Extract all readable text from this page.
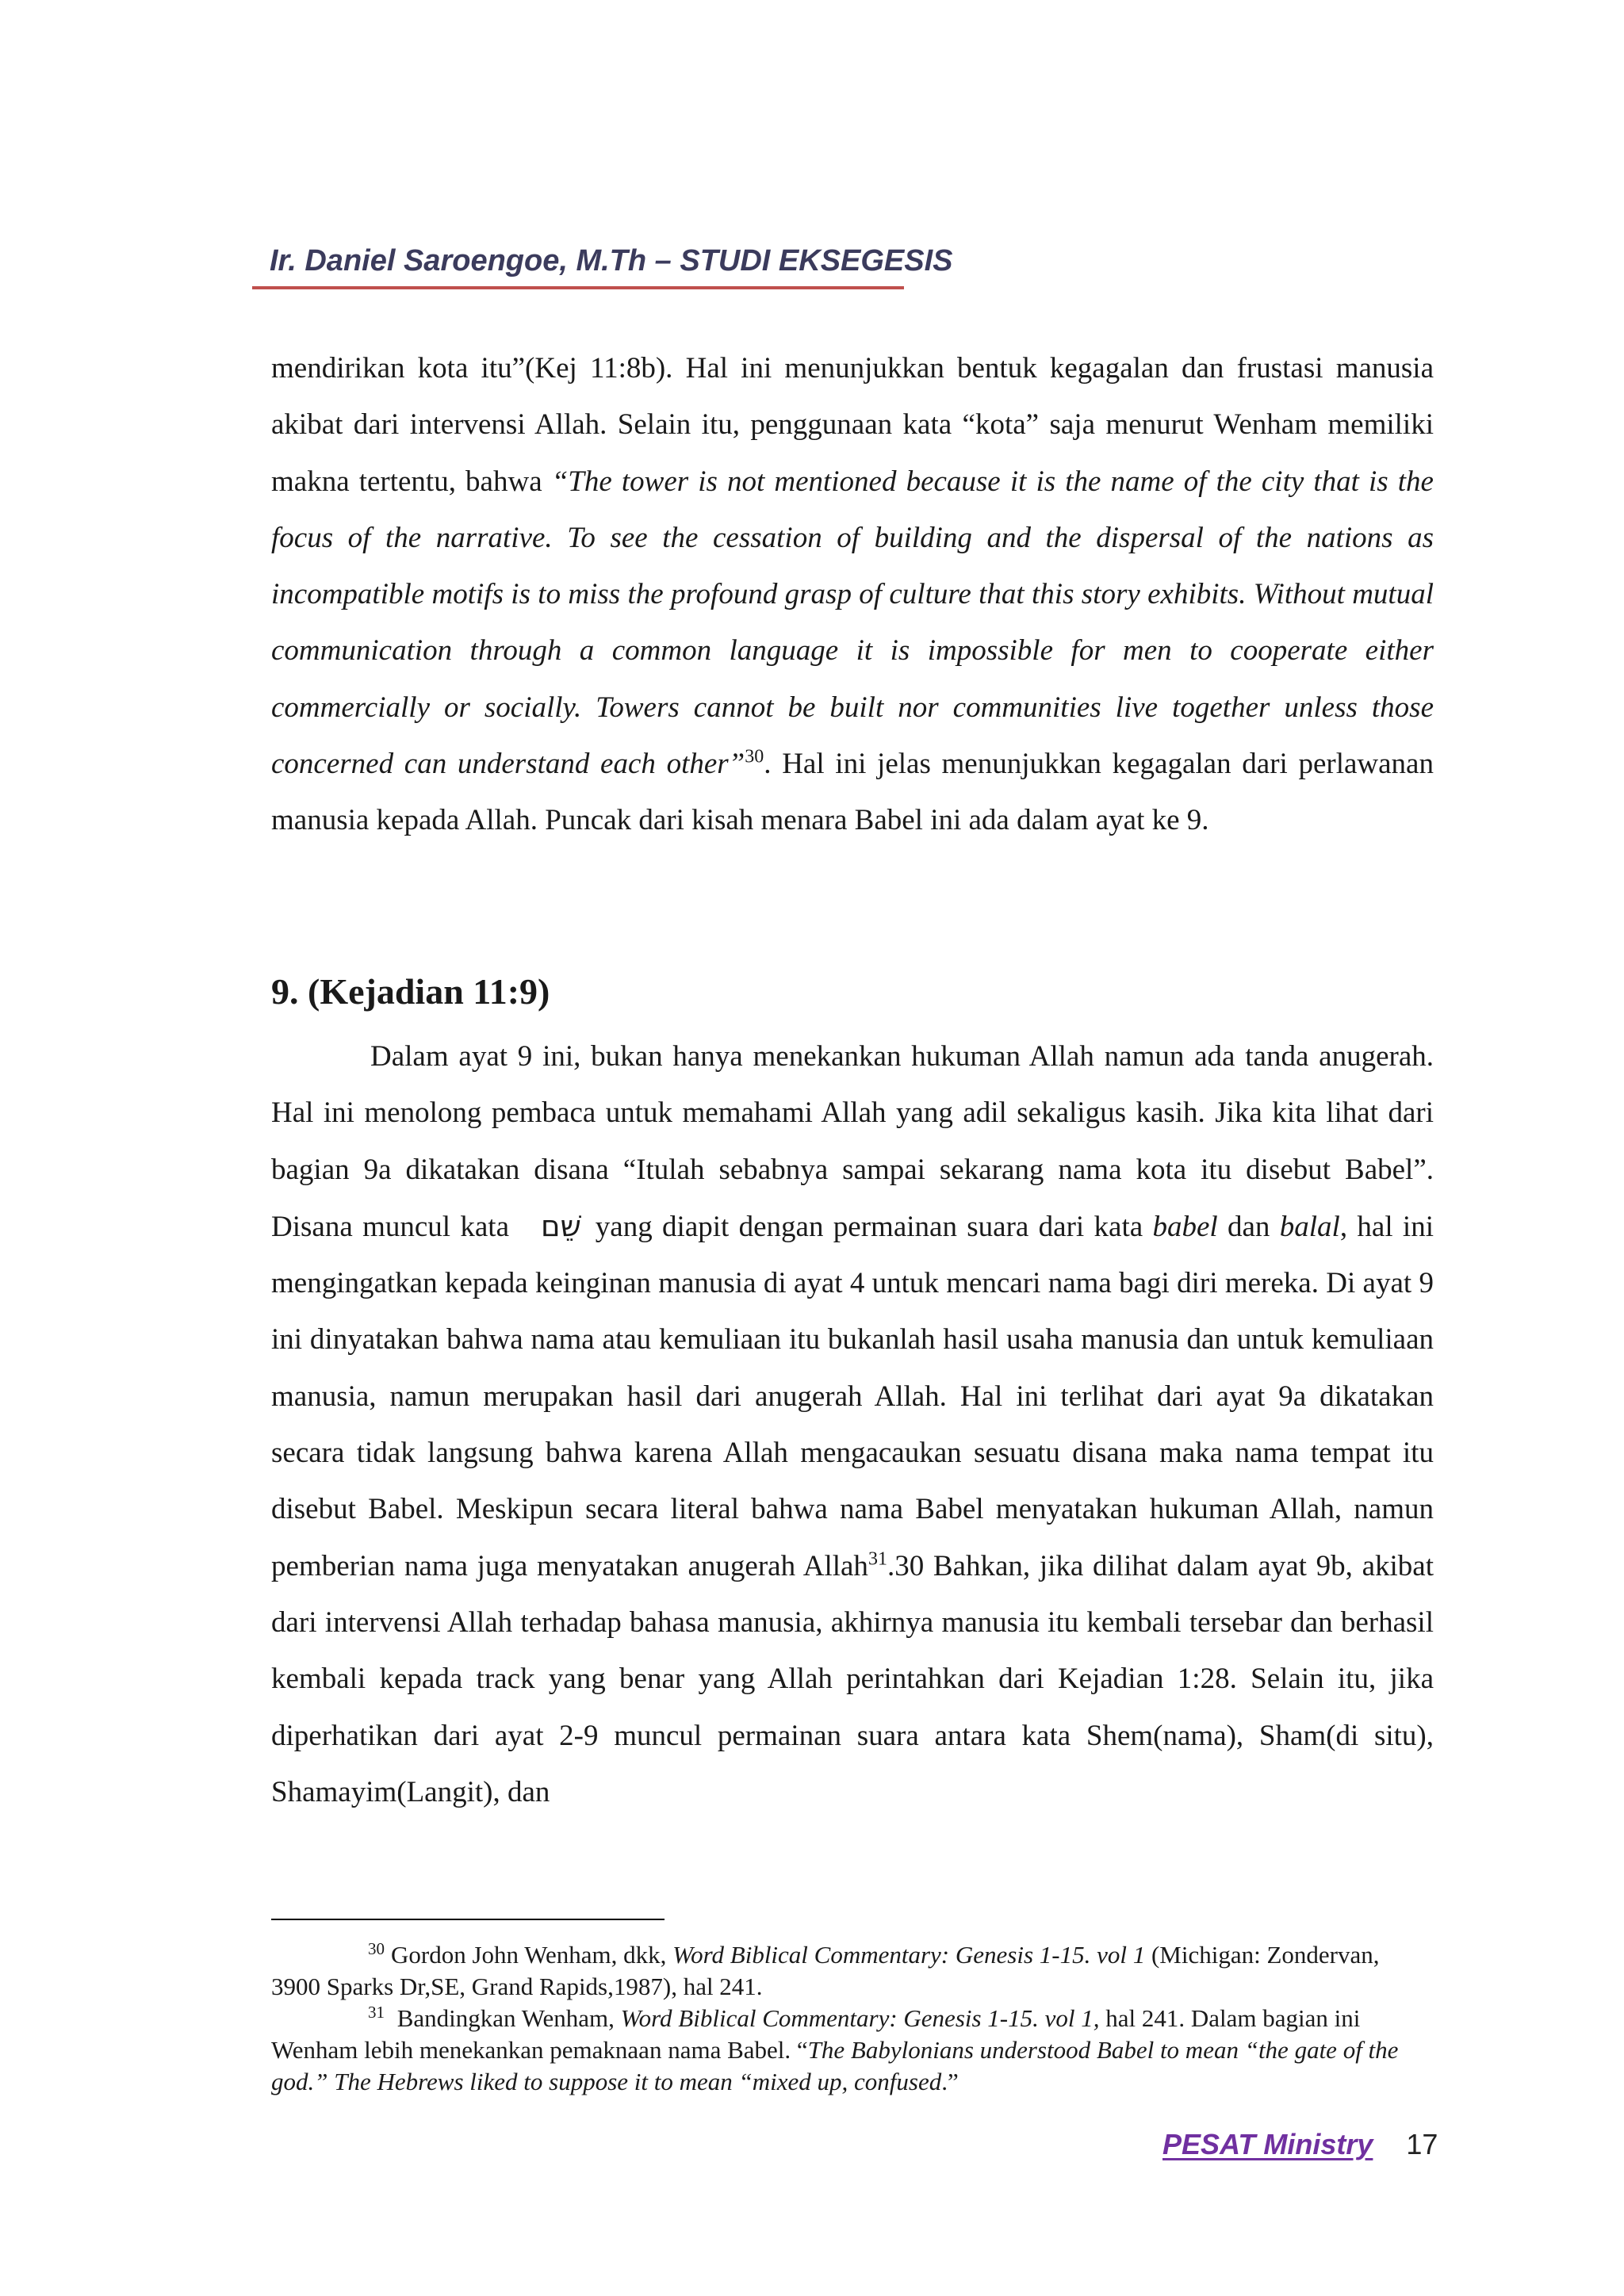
Ir. Daniel Saroengoe, M.Th – STUDI EKSEGESIS

mendirikan kota itu”(Kej 11:8b). Hal ini menunjukkan bentuk kegagalan dan frustasi manusia akibat dari intervensi Allah. Selain itu, penggunaan kata “kota” saja menurut Wenham memiliki makna tertentu, bahwa “The tower is not mentioned because it is the name of the city that is the focus of the narrative. To see the cessation of building and the dispersal of the nations as incompatible motifs is to miss the profound grasp of culture that this story exhibits. Without mutual communication through a common language it is impossible for men to cooperate either commercially or socially. Towers cannot be built nor communities live together unless those concerned can understand each other”$^{30}$. Hal ini jelas menunjukkan kegagalan dari perlawanan manusia kepada Allah. Puncak dari kisah menara Babel ini ada dalam ayat ke 9.

9. (Kejadian 11:9)

Dalam ayat 9 ini, bukan hanya menekankan hukuman Allah namun ada tanda anugerah. Hal ini menolong pembaca untuk memahami Allah yang adil sekaligus kasih. Jika kita lihat dari bagian 9a dikatakan disana “Itulah sebabnya sampai sekarang nama kota itu disebut Babel”. Disana muncul kata שֵׁם yang diapit dengan permainan suara dari kata babel dan balal, hal ini mengingatkan kepada keinginan manusia di ayat 4 untuk mencari nama bagi diri mereka. Di ayat 9 ini dinyatakan bahwa nama atau kemuliaan itu bukanlah hasil usaha manusia dan untuk kemuliaan manusia, namun merupakan hasil dari anugerah Allah. Hal ini terlihat dari ayat 9a dikatakan secara tidak langsung bahwa karena Allah mengacaukan sesuatu disana maka nama tempat itu disebut Babel. Meskipun secara literal bahwa nama Babel menyatakan hukuman Allah, namun pemberian nama juga menyatakan anugerah Allah$^{31}$.30 Bahkan, jika dilihat dalam ayat 9b, akibat dari intervensi Allah terhadap bahasa manusia, akhirnya manusia itu kembali tersebar dan berhasil kembali kepada track yang benar yang Allah perintahkan dari Kejadian 1:28. Selain itu, jika diperhatikan dari ayat 2-9 muncul permainan suara antara kata Shem(nama), Sham(di situ), Shamayim(Langit), dan

$^{30}$ Gordon John Wenham, dkk, Word Biblical Commentary: Genesis 1-15. vol 1 (Michigan: Zondervan, 3900 Sparks Dr,SE, Grand Rapids,1987), hal 241.

$^{31}$ Bandingkan Wenham, Word Biblical Commentary: Genesis 1-15. vol 1, hal 241. Dalam bagian ini Wenham lebih menekankan pemaknaan nama Babel. “The Babylonians understood Babel to mean “the gate of the god.” The Hebrews liked to suppose it to mean “mixed up, confused.”

PESAT Ministry 17
